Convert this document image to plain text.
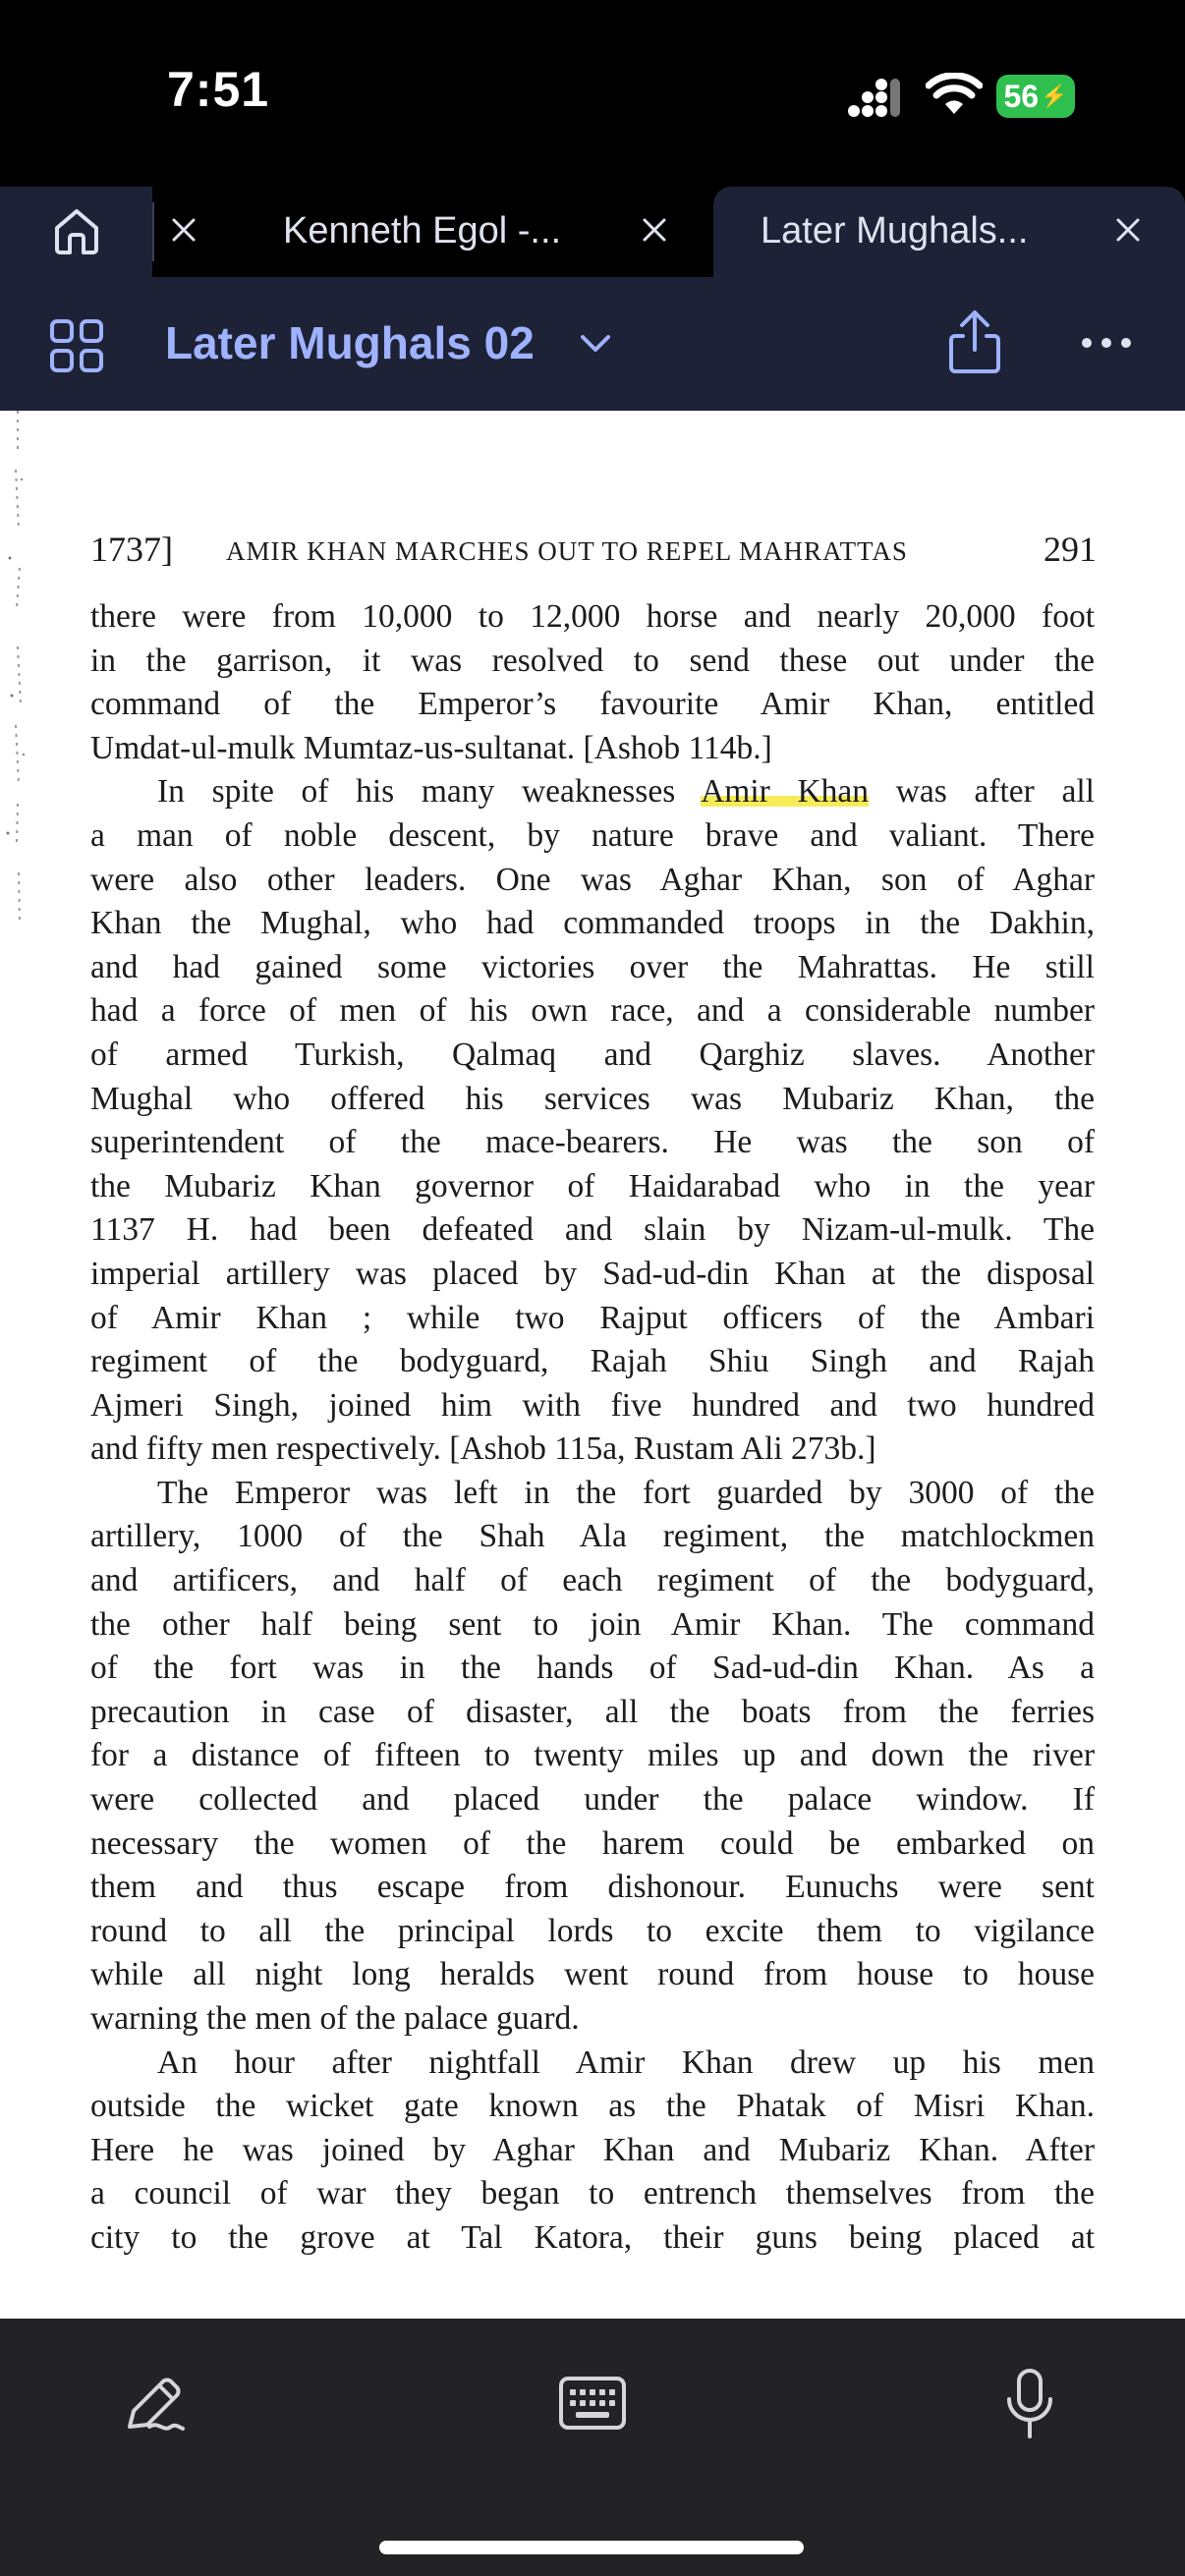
7:51	56 ⚡
Kenneth Egol -...	Later Mughals...
Later Mughals 02
1737] AMIR KHAN MARCHES OUT TO REPEL MAHRATTAS	291
there were from 10,000 to 12,000 horse and nearly 20,000 foot
in the garrison, it was resolved to send these out under the
command of the Emperor’s favourite Amir Khan, entitled
Umdat-ul-mulk Mumtaz-us-sultanat. [Ashob 114b.]
In spite of his many weaknesses Amir Khan was after all
a man of noble descent, by nature brave and valiant. There
were also other leaders. One was Aghar Khan, son of Aghar
Khan the Mughal, who had commanded troops in the Dakhin,
and had gained some victories over the Mahrattas. He still
had a force of men of his own race, and a considerable number
of armed Turkish, Qalmaq and Qarghiz slaves. Another
Mughal who offered his services was Mubariz Khan, the
superintendent of the mace-bearers. He was the son of
the Mubariz Khan governor of Haidarabad who in the year
1137 H. had been defeated and slain by Nizam-ul-mulk. The
imperial artillery was placed by Sad-ud-din Khan at the disposal
of Amir Khan ; while two Rajput officers of the Ambari
regiment of the bodyguard, Rajah Shiu Singh and Rajah
Ajmeri Singh, joined him with five hundred and two hundred
and fifty men respectively. [Ashob 115a, Rustam Ali 273b.]
The Emperor was left in the fort guarded by 3000 of the
artillery, 1000 of the Shah Ala regiment, the matchlockmen
and artificers, and half of each regiment of the bodyguard,
the other half being sent to join Amir Khan. The command
of the fort was in the hands of Sad-ud-din Khan. As a
precaution in case of disaster, all the boats from the ferries
for a distance of fifteen to twenty miles up and down the river
were collected and placed under the palace window. If
necessary the women of the harem could be embarked on
them and thus escape from dishonour. Eunuchs were sent
round to all the principal lords to excite them to vigilance
while all night long heralds went round from house to house
warning the men of the palace guard.
An hour after nightfall Amir Khan drew up his men
outside the wicket gate known as the Phatak of Misri Khan.
Here he was joined by Aghar Khan and Mubariz Khan. After
a council of war they began to entrench themselves from the
city to the grove at Tal Katora, their guns being placed at
